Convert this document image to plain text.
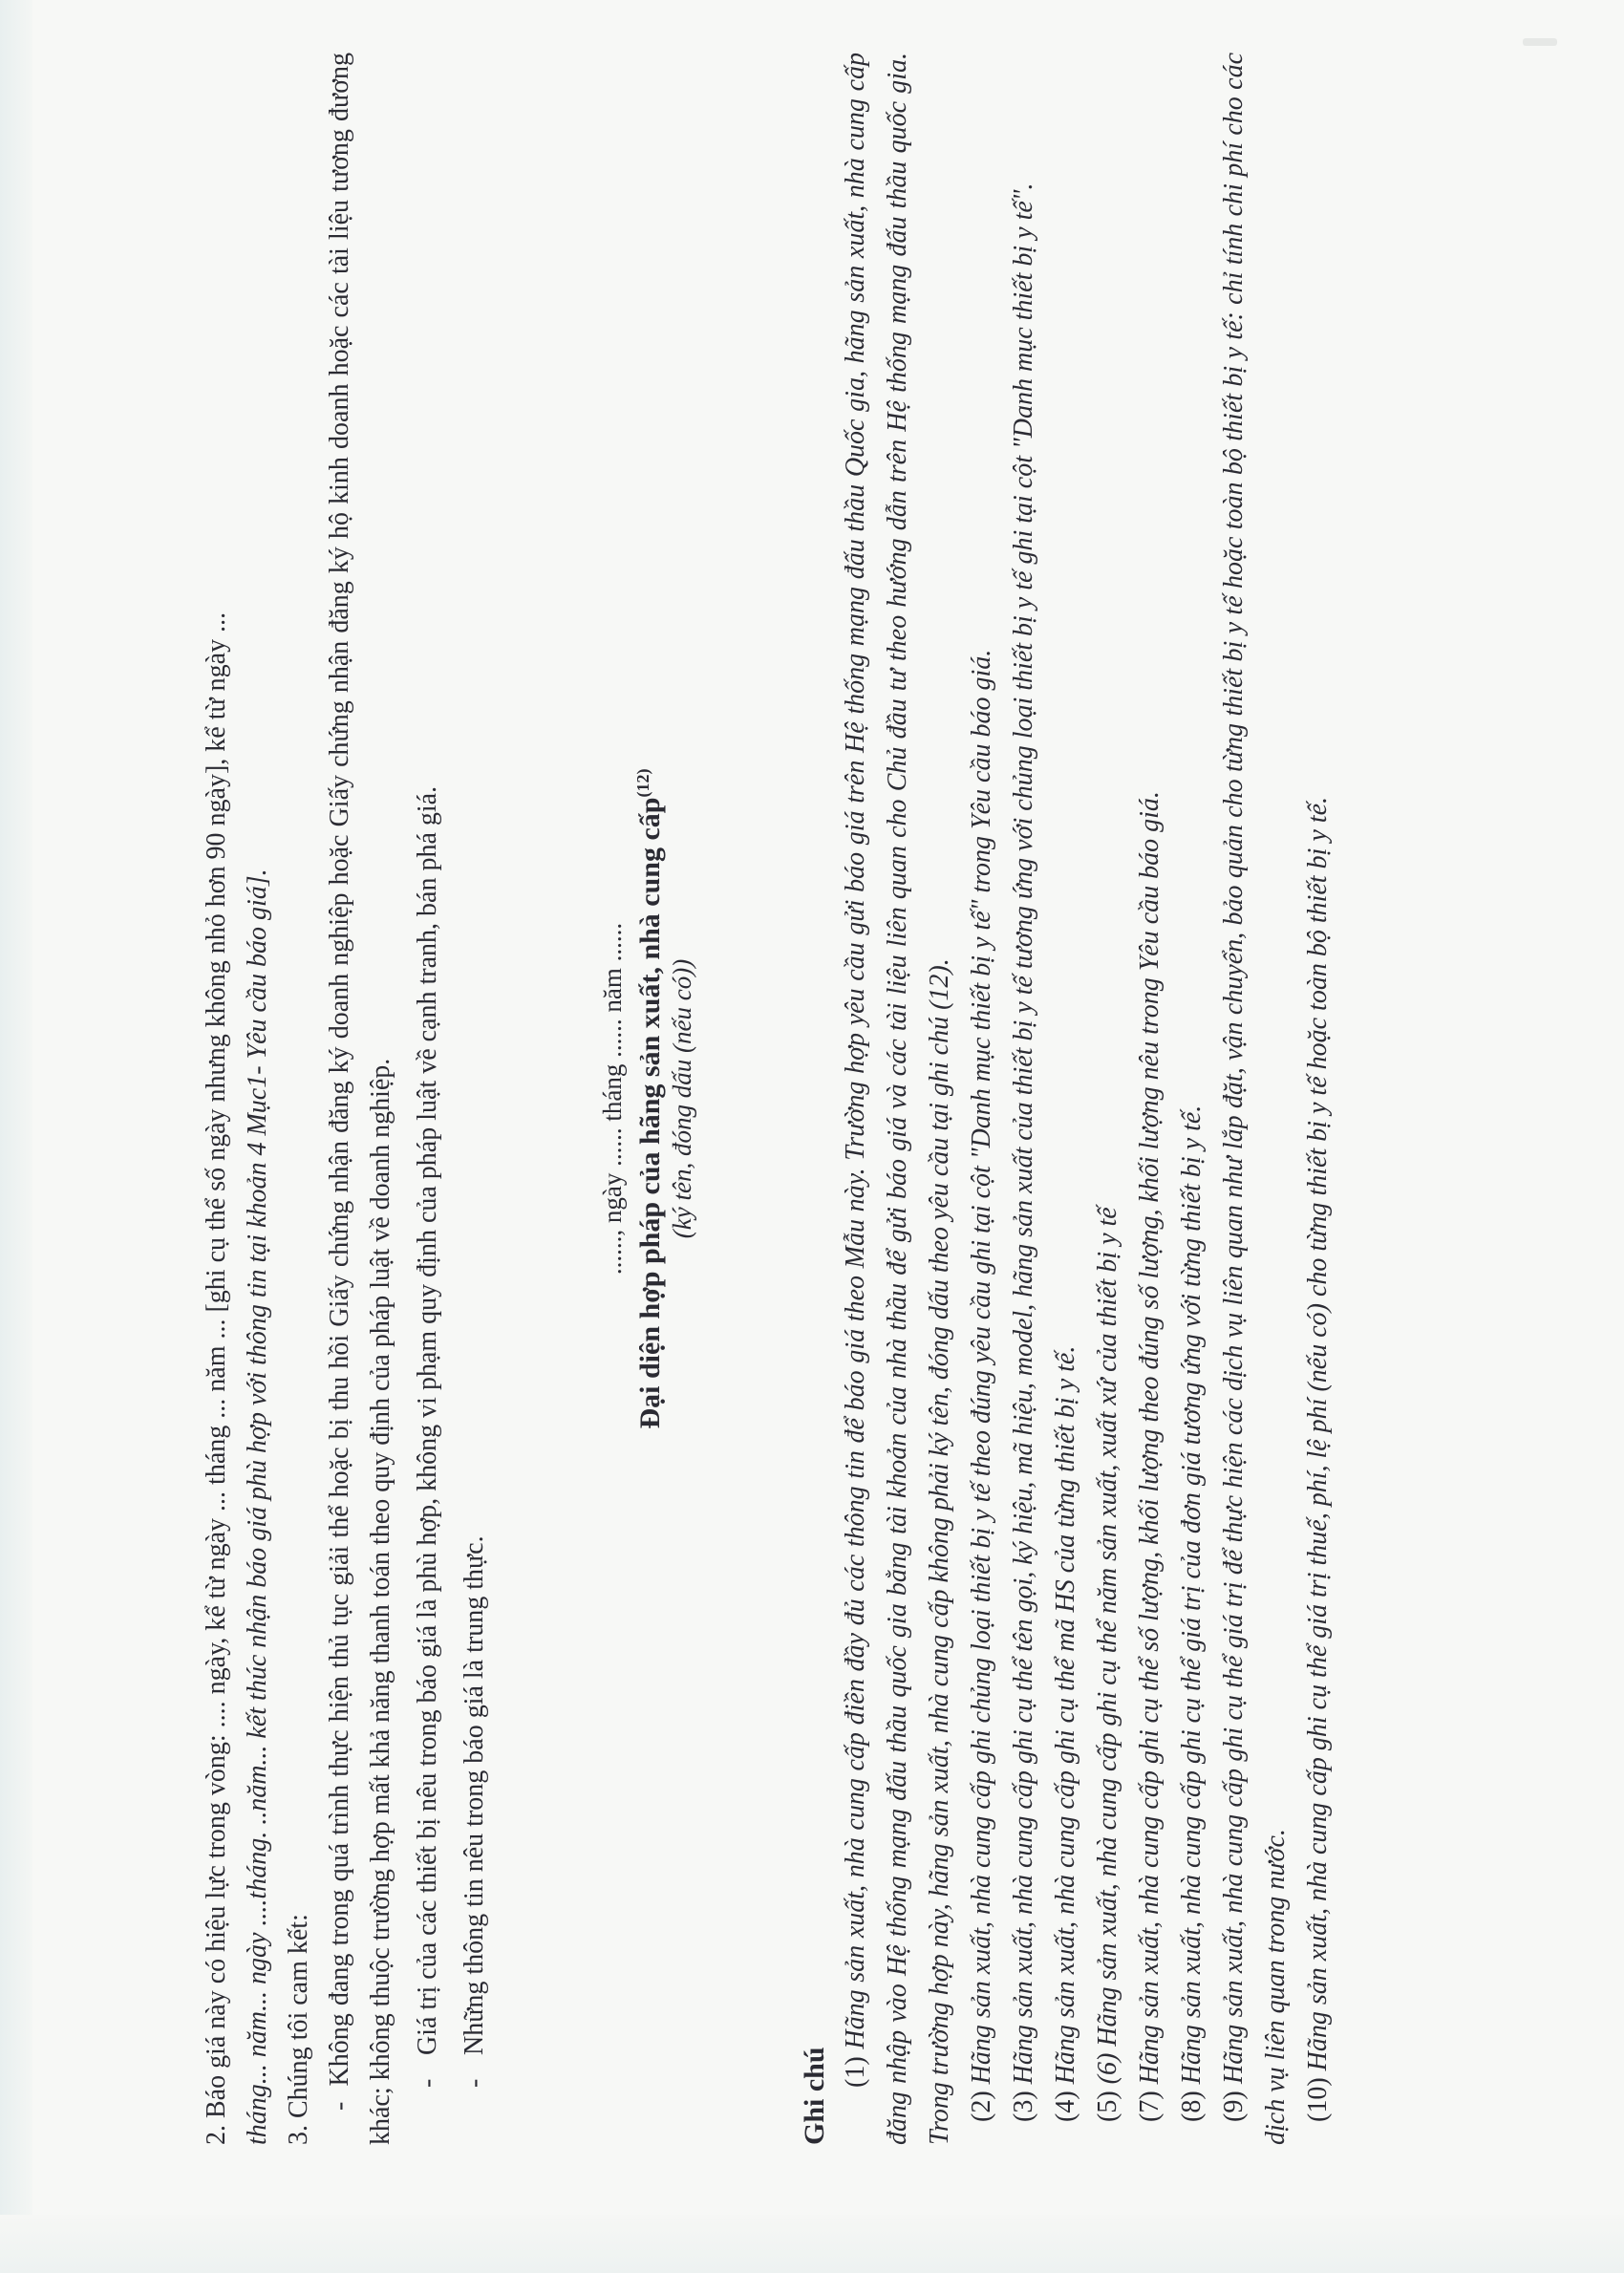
2. Báo giá này có hiệu lực trong vòng: .... ngày, kể từ ngày ... tháng ... năm ... [ghi cụ thể số ngày nhưng không nhỏ hơn 90 ngày], kể từ ngày ... tháng... năm... ngày ....tháng. ..năm... kết thúc nhận báo giá phù hợp với thông tin tại khoản 4 Mục1- Yêu cầu báo giá]. 3. Chúng tôi cam kết: -  Không đang trong quá trình thực hiện thủ tục giải thể hoặc bị thu hồi Giấy chứng nhận đăng ký doanh nghiệp hoặc Giấy chứng nhận đăng ký hộ kinh doanh hoặc các tài liệu tương đương khác; không thuộc trường hợp mất khả năng thanh toán theo quy định của pháp luật về doanh nghiệp. -
Giá trị của các thiết bị nêu trong báo giá là phù hợp, không vi phạm quy định của pháp luật về cạnh tranh, bán phá giá.
-
Những thông tin nêu trong báo giá là trung thực.

......, ngày ...... tháng ...... năm ...... Đại diện hợp pháp của hãng sản xuất, nhà cung cấp$^{(12)}$

(ký tên, đóng dấu (nếu có))

Ghi chú (1) Hãng sản xuất, nhà cung cấp điền đầy đủ các thông tin để báo giá theo Mẫu này. Trường hợp yêu cầu gửi báo giá trên Hệ thống mạng đấu thầu Quốc gia, hãng sản xuất, nhà cung cấp đăng nhập vào Hệ thống mạng đấu thầu quốc gia bằng tài khoản của nhà thầu để gửi báo giá và các tài liệu liên quan cho Chủ đầu tư theo hướng dẫn trên Hệ thống mạng đấu thầu quốc gia. Trong trường hợp này, hãng sản xuất, nhà cung cấp không phải ký tên, đóng dấu theo yêu cầu tại ghi chú (12). (2) Hãng sản xuất, nhà cung cấp ghi chủng loại thiết bị y tế theo đúng yêu cầu ghi tại cột "Danh mục thiết bị y tế" trong Yêu cầu báo giá.

(3) Hãng sản xuất, nhà cung cấp ghi cụ thể tên gọi, ký hiệu, mã hiệu, model, hãng sản xuất của thiết bị y tế tương ứng với chủng loại thiết bị y tế ghi tại cột "Danh mục thiết bị y tế".

(4) Hãng sản xuất, nhà cung cấp ghi cụ thể mã HS của từng thiết bị y tế.

(5) (6) Hãng sản xuất, nhà cung cấp ghi cụ thể năm sản xuất, xuất xứ của thiết bị y tế

(7) Hãng sản xuất, nhà cung cấp ghi cụ thể số lượng, khối lượng theo đúng số lượng, khối lượng nêu trong Yêu cầu báo giá.

(8) Hãng sản xuất, nhà cung cấp ghi cụ thể giá trị của đơn giá tương ứng với từng thiết bị y tế.

(9) Hãng sản xuất, nhà cung cấp ghi cụ thể giá trị để thực hiện các dịch vụ liên quan như lắp đặt, vận chuyển, bảo quản cho từng thiết bị y tế hoặc toàn bộ thiết bị y tế: chỉ tính chi phí cho các dịch vụ liên quan trong nước. (10) Hãng sản xuất, nhà cung cấp ghi cụ thể giá trị thuế, phí, lệ phí (nếu có) cho từng thiết bị y tế hoặc toàn bộ thiết bị y tế.
